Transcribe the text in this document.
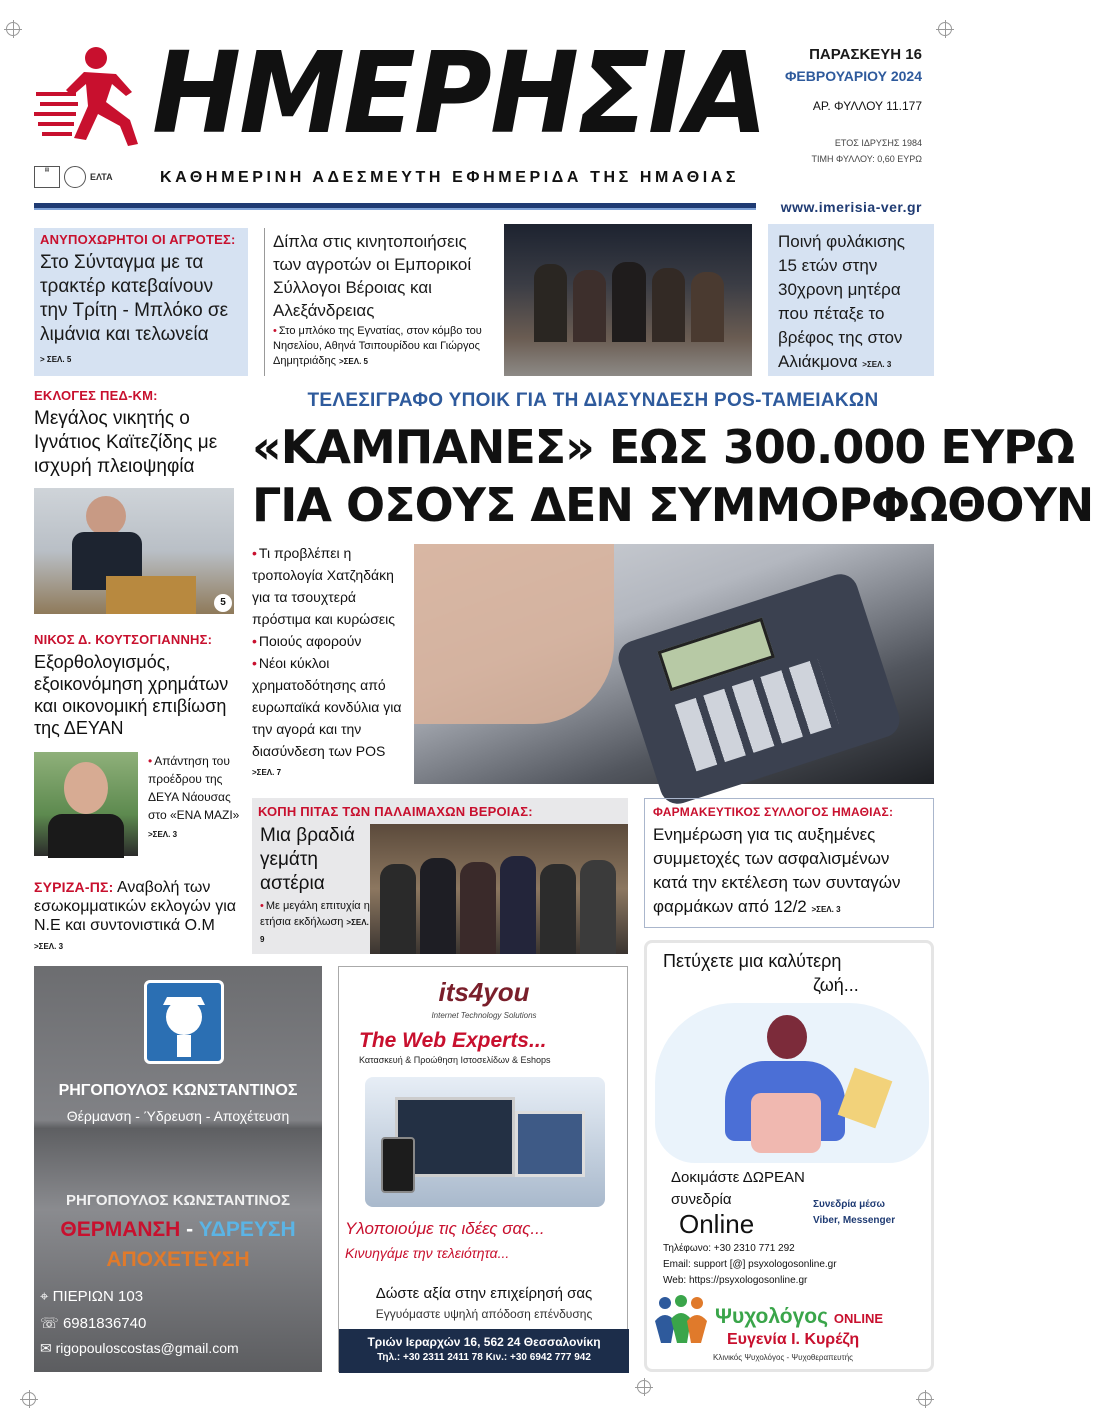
ΗΜΕΡΗΣΙΑ
▤
ΕΛΤΑ	ΚΑΘΗΜΕΡΙΝΗ ΑΔΕΣΜΕΥΤΗ ΕΦΗΜΕΡΙΔΑ ΤΗΣ ΗΜΑΘΙΑΣ
ΠΑΡΑΣΚΕΥΗ 16
ΦΕΒΡΟΥΑΡΙΟΥ 2024
ΑΡ. ΦΥΛΛΟΥ 11.177
ΕΤΟΣ ΙΔΡΥΣΗΣ 1984
ΤΙΜΗ ΦΥΛΛΟΥ: 0,60 ΕΥΡΩ
www.imerisia-ver.gr
ΑΝΥΠΟΧΩΡΗΤΟΙ ΟΙ ΑΓΡΟΤΕΣ:
Στο Σύνταγμα με τα τρακτέρ κατεβαίνουν την Τρίτη - Μπλόκο σε λιμάνια και τελωνεία
> ΣΕΛ. 5
Δίπλα στις κινητοποιήσεις των αγροτών οι Εμπορικοί Σύλλογοι Βέροιας και Αλεξάνδρειας
• Στο μπλόκο της Εγνατίας, στον κόμβο του Νησελίου, Αθηνά Τσιπουρίδου και Γιώργος Δημητριάδης >ΣΕΛ. 5
Ποινή φυλάκισης 15 ετών στην 30χρονη μητέρα που πέταξε το βρέφος της στον Αλιάκμονα >ΣΕΛ. 3
ΕΚΛΟΓΕΣ ΠΕΔ-ΚΜ:
Μεγάλος νικητής ο Ιγνάτιος Καϊτεζίδης με ισχυρή πλειοψηφία
5
ΝΙΚΟΣ Δ. ΚΟΥΤΣΟΓΙΑΝΝΗΣ:
Εξορθολογισμός, εξοικονόμηση χρημάτων και οικονομική επιβίωση της ΔΕΥΑΝ
• Απάντηση του προέδρου της ΔΕΥΑ Νάουσας στο «ΕΝΑ ΜΑΖΙ»
>ΣΕΛ. 3
ΣΥΡΙΖΑ-ΠΣ: Αναβολή των εσωκομματικών εκλογών για Ν.Ε και συντονιστικά Ο.Μ >ΣΕΛ. 3
ΤΕΛΕΣΙΓΡΑΦΟ ΥΠΟΙΚ ΓΙΑ ΤΗ ΔΙΑΣΥΝΔΕΣΗ POS-ΤΑΜΕΙΑΚΩΝ
«ΚΑΜΠΑΝΕΣ» ΕΩΣ 300.000 ΕΥΡΩ
ΓΙΑ ΟΣΟΥΣ ΔΕΝ ΣΥΜΜΟΡΦΩΘΟΥΝ
• Τι προβλέπει η τροπολογία Χατζηδάκη για τα τσουχτερά πρόστιμα και κυρώσεις
• Ποιούς αφορούν
• Νέοι κύκλοι χρηματοδότησης από ευρωπαϊκά κονδύλια για την αγορά και την διασύνδεση των POS
>ΣΕΛ. 7
ΚΟΠΗ ΠΙΤΑΣ ΤΩΝ ΠΑΛΑΙΜΑΧΩΝ ΒΕΡΟΙΑΣ:
Μια βραδιά γεμάτη αστέρια
• Με μεγάλη επιτυχία η ετήσια εκδήλωση >ΣΕΛ. 9
ΦΑΡΜΑΚΕΥΤΙΚΟΣ ΣΥΛΛΟΓΟΣ ΗΜΑΘΙΑΣ:
Ενημέρωση για τις αυξημένες συμμετοχές των ασφαλισμένων κατά την εκτέλεση των συνταγών φαρμάκων από 12/2 >ΣΕΛ. 3
ΡΗΓΟΠΟΥΛΟΣ ΚΩΝΣΤΑΝΤΙΝΟΣ
Θέρμανση - Ύδρευση - Αποχέτευση
ΡΗΓΟΠΟΥΛΟΣ ΚΩΝΣΤΑΝΤΙΝΟΣ
ΘΕΡΜΑΝΣΗ - ΥΔΡΕΥΣΗ
ΑΠΟΧΕΤΕΥΣΗ
⌖ ΠΙΕΡΙΩΝ 103
☏ 6981836740
✉ rigopouloscostas@gmail.com
its4you
Internet Technology Solutions
The Web Experts...
Κατασκευή & Προώθηση Ιστοσελίδων & Eshops
Υλοποιούμε τις ιδέες σας...
Κινυηγάμε την τελειότητα...
Δώστε αξία στην επιχείρησή σας
Εγγυόμαστε υψηλή απόδοση επένδυσης
Τριών Ιεραρχών 16, 562 24 Θεσσαλονίκη
Τηλ.: +30 2311 2411 78 Κιν.: +30 6942 777 942
Πετύχετε μια καλύτερη
ζωή...
Δοκιμάστε ΔΩΡΕΑΝ
συνεδρία
Online
Συνεδρία μέσω
Viber, Messenger
Τηλέφωνο: +30 2310 771 292
Email: support [@] psyxologosonline.gr
Web: https://psyxologosonline.gr
Ψυχολόγος ONLINE
Ευγενία Ι. Κυρέζη
Κλινικός Ψυχολόγος - Ψυχοθεραπευτής
